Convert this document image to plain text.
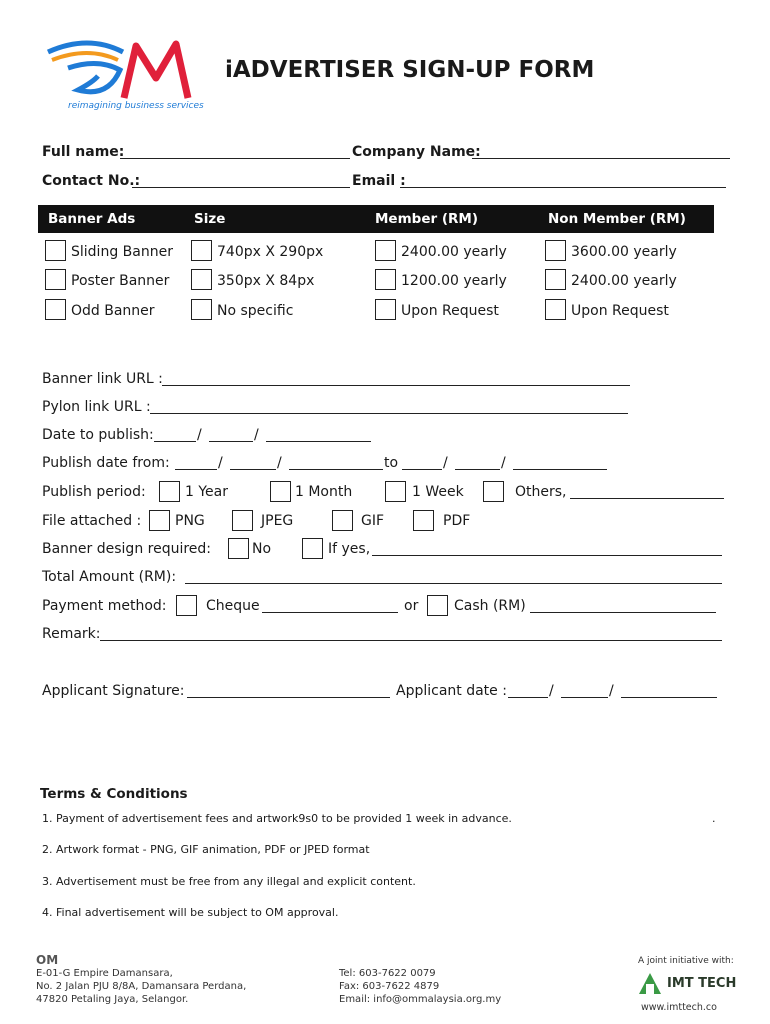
reimagining business services
iADVERTISER SIGN-UP FORM
Full name:	Company Name:
Contact No.:	Email :
Banner Ads	Size	Member (RM)	Non Member (RM)
Sliding Banner	740px X 290px	2400.00 yearly	3600.00 yearly
Poster Banner	350px X 84px	1200.00 yearly	2400.00 yearly
Odd Banner	No specific	Upon Request	Upon Request
Banner link URL :
Pylon link URL :
Date to publish:	/	/
Publish date from:	/	/	to	/	/
Publish period:	1 Year	1 Month	1 Week	Others,
File attached : PNG	JPEG	GIF	PDF
Banner design required:	No	If yes,
Total Amount (RM):
Payment method:	Cheque	or	Cash (RM)
Remark:
Applicant Signature:	Applicant date :	/	/
Terms & Conditions
1. Payment of advertisement fees and artwork9s0 to be provided 1 week in advance.	.
2. Artwork format - PNG, GIF animation, PDF or JPED format
3. Advertisement must be free from any illegal and explicit content.
4. Final advertisement will be subject to OM approval.
OM
E-01-G Empire Damansara,
No. 2 Jalan PJU 8/8A, Damansara Perdana,
47820 Petaling Jaya, Selangor.
Tel: 603-7622 0079
Fax: 603-7622 4879
Email: info@ommalaysia.org.my
A joint initiative with:
IMT TECH
www.imttech.co
